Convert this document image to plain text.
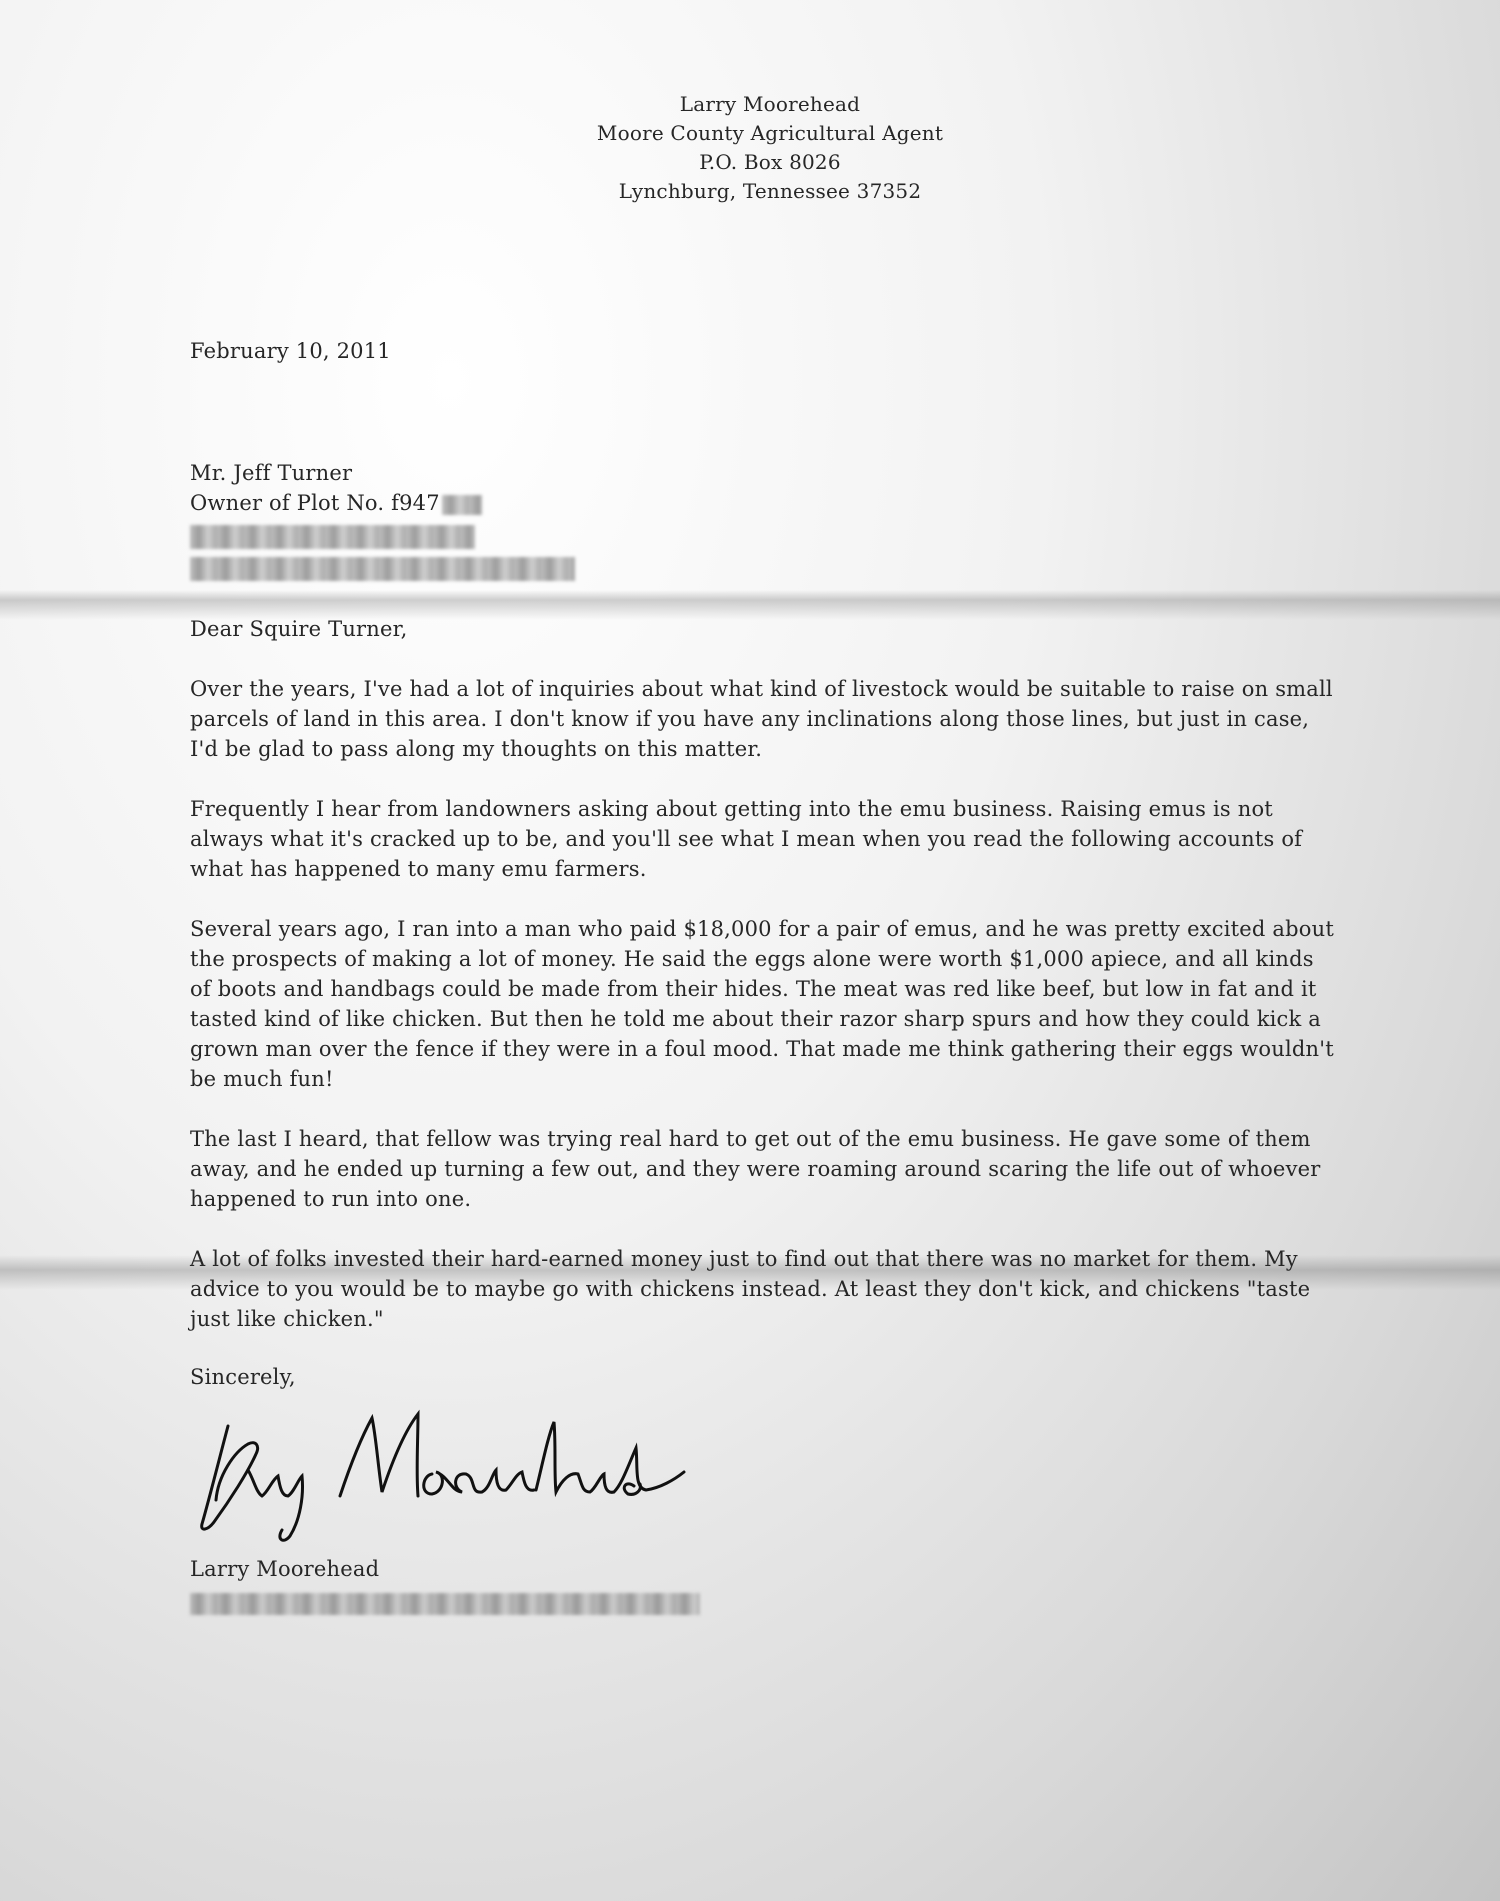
Larry Moorehead
Moore County Agricultural Agent
P.O. Box 8026
Lynchburg, Tennessee 37352
February 10, 2011
Mr. Jeff Turner
Owner of Plot No. f947
Dear Squire Turner,

Over the years, I've had a lot of inquiries about what kind of livestock would be suitable to raise on small parcels of land in this area. I don't know if you have any inclinations along those lines, but just in case, I'd be glad to pass along my thoughts on this matter.

Frequently I hear from landowners asking about getting into the emu business. Raising emus is not always what it's cracked up to be, and you'll see what I mean when you read the following accounts of what has happened to many emu farmers.

Several years ago, I ran into a man who paid $18,000 for a pair of emus, and he was pretty excited about the prospects of making a lot of money. He said the eggs alone were worth $1,000 apiece, and all kinds of boots and handbags could be made from their hides. The meat was red like beef, but low in fat and it tasted kind of like chicken. But then he told me about their razor sharp spurs and how they could kick a grown man over the fence if they were in a foul mood. That made me think gathering their eggs wouldn't be much fun!

The last I heard, that fellow was trying real hard to get out of the emu business. He gave some of them away, and he ended up turning a few out, and they were roaming around scaring the life out of whoever happened to run into one.

A lot of folks invested their hard-earned money just to find out that there was no market for them. My advice to you would be to maybe go with chickens instead. At least they don't kick, and chickens "taste just like chicken."

Sincerely,
Larry Moorehead
